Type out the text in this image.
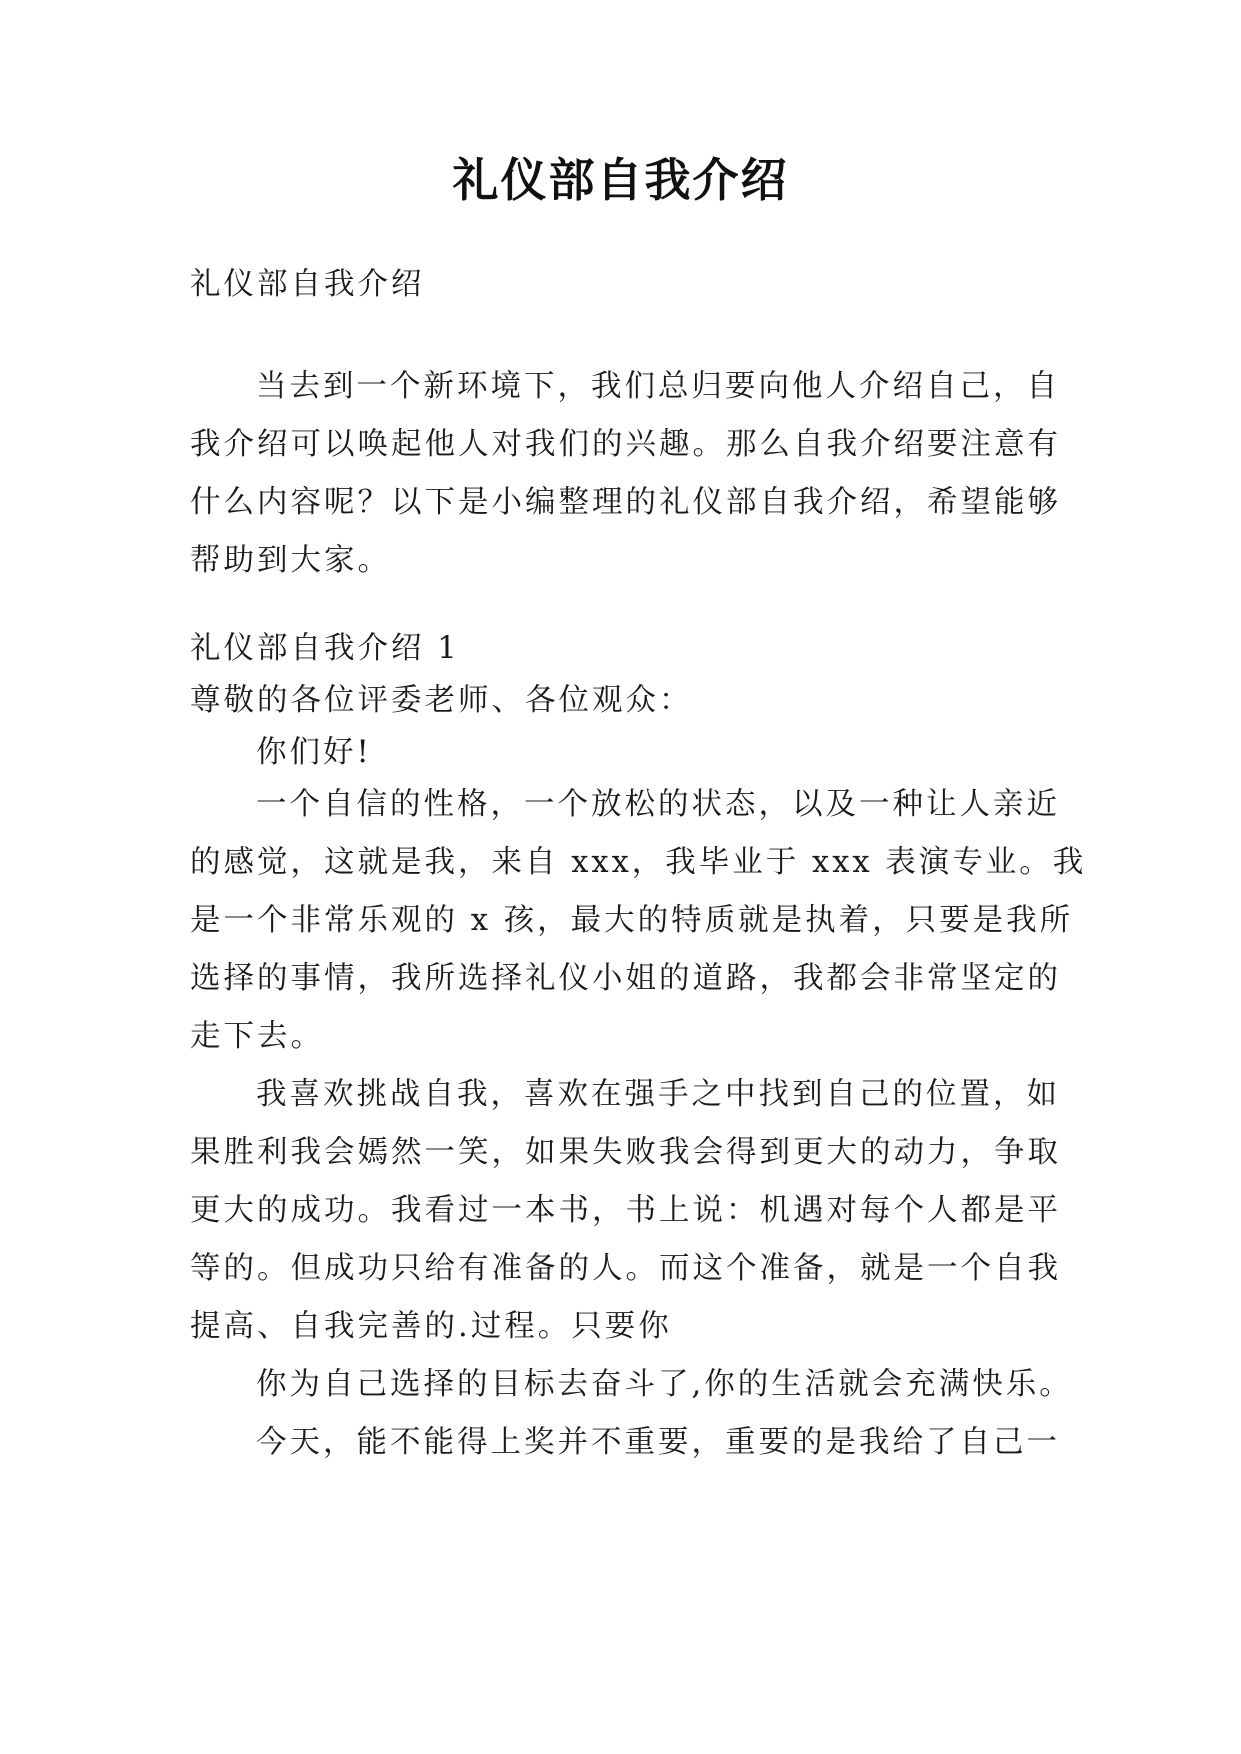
礼仪部自我介绍
礼仪部自我介绍
当去到一个新环境下，我们总归要向他人介绍自己，自
我介绍可以唤起他人对我们的兴趣。那么自我介绍要注意有
什么内容呢？以下是小编整理的礼仪部自我介绍，希望能够
帮助到大家。
礼仪部自我介绍 1
尊敬的各位评委老师、各位观众：
你们好!
一个自信的性格，一个放松的状态，以及一种让人亲近
的感觉，这就是我，来自 xxx，我毕业于 xxx 表演专业。我
是一个非常乐观的 x 孩，最大的特质就是执着，只要是我所
选择的事情，我所选择礼仪小姐的道路，我都会非常坚定的
走下去。
我喜欢挑战自我，喜欢在强手之中找到自己的位置，如
果胜利我会嫣然一笑，如果失败我会得到更大的动力，争取
更大的成功。我看过一本书，书上说：机遇对每个人都是平
等的。但成功只给有准备的人。而这个准备，就是一个自我
提高、自我完善的.过程。只要你
你为自己选择的目标去奋斗了,你的生活就会充满快乐。
今天，能不能得上奖并不重要，重要的是我给了自己一
